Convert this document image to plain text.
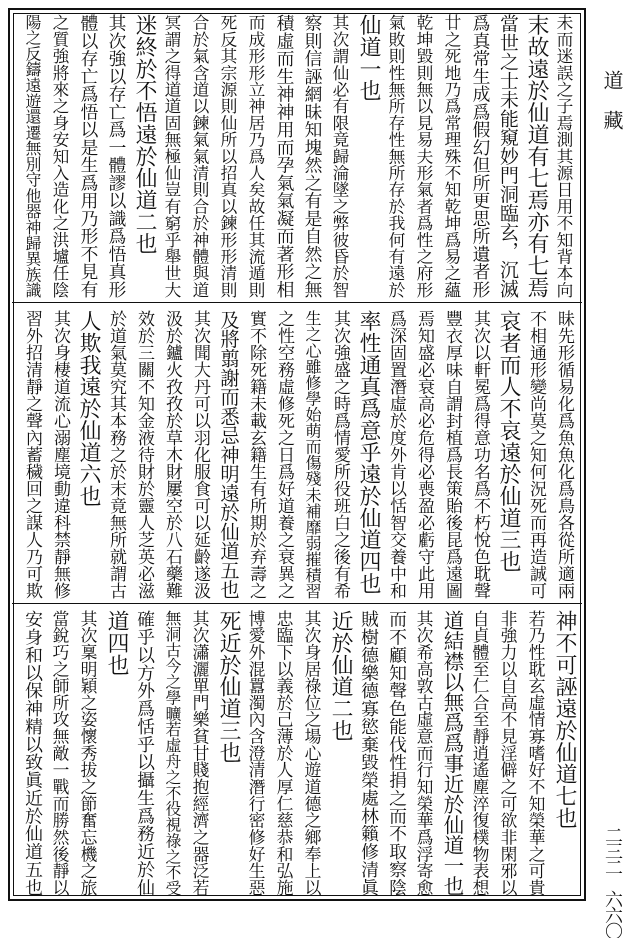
未而迷誤之子焉測其源日用不知背本向
末故遠於仙道有七焉亦有七焉
當世之士未能窺妙門洞臨玄，沉滅
爲真常生成爲假幻但所更思所遺者形
廿之死地乃爲常理殊不知乾坤爲易之蘊
乾坤毀則無以見易夫形氣者爲性之府形
氣敗則性無所存性無所存於我何有遠於
仙道一也
其次謂仙必有限竟歸淪墜之弊彼昏於智
察則信誣網昧知塊然之有是自然之無
積虛而生神神用而孕氣氣凝而著形相
而成形形立神居乃爲人矣故任其流遁則
死反其宗源則仙所以招真以鍊形形清則
合於氣含道以鍊氣氣清則合於神體與道
冥謂之得道道固無極仙豈有窮乎舉世大
迷終於不悟遠於仙道二也
其次強以存亡爲一體謬以識爲悟真形
體以存亡爲悟以是生爲用乃形不見有
之質強將來之身安知入造化之洪壚任陰
陽之反鑄遠遊還遷無別守他器神歸異族識
昧先形循易化爲魚魚化爲鳥各從所適兩
不相通形變尚莫之知何況死而再造誠可
哀者而人不哀遠於仙道三也
其次以軒冕爲得意功名爲不朽悅色耽聲
豐衣厚味自謂封植爲長策貽後昆爲遠圖
焉知盛必衰高必危得必喪盈必虧守此用
爲深固置潛虛於度外肯以恬智交養中和
率性通真爲意乎遠於仙道四也
其次強盛之時爲情愛所役班白之後有希
生之心雖修學始萌而傷殘未補靡弱摧積習
之性空務虛修死之日爲好道養之衰異之
實不除死籍未載玄籍生有所期於弃壽之
及將翦謝而悉忌神明遠於仙道五也
其次聞大丹可以羽化服食可以延齡遂汲
汲於鑪火孜孜於草木財屢空於八石藥難
效於三關不知金液待財於靈人芝英必滋
於道氣莫究其本務之於末竟無所就謂古
人欺我遠於仙道六也
其次身棲道流心溺塵境動違科禁靜無修
習外招清靜之聲內蓄穢回之謀人乃可欺
神不可誣遠於仙道七也
若乃性耽玄虛情寡嗜好不知榮華之可貴
非強力以自高不見淫僻之可欲非閑邪以
自貞體至仁合至靜逍遙塵淬復樸物表想
道結襟以無爲爲事近於仙道一也
其次希高敦古虛意而行知榮華爲浮寄愈
而不顧知聲色能伐性捐之而不取察陰
賊樹德樂德寡慾棄毀榮處林籟修清眞
近於仙道二也
其次身居祿位之場心遊道德之鄉奉上以
忠臨下以義於己薄於人厚仁慈恭和弘施
博愛外混囂濁內含澄清潛行密修好生惡
死近於仙道三也
其次瀟灑單門樂貧甘賤抱經濟之器泛若
無洞古今之學曠若虛舟之不役視祿之不受
確乎以方外爲恬乎以攝生爲務近於仙
道四也
其次稟明穎之姿懷秀拔之節奮忘機之旅
當銳巧之師所攻無敵一戰而勝然後靜以
安身和以保神精以致眞近於仙道五也
道　藏
二三二　六六〇
